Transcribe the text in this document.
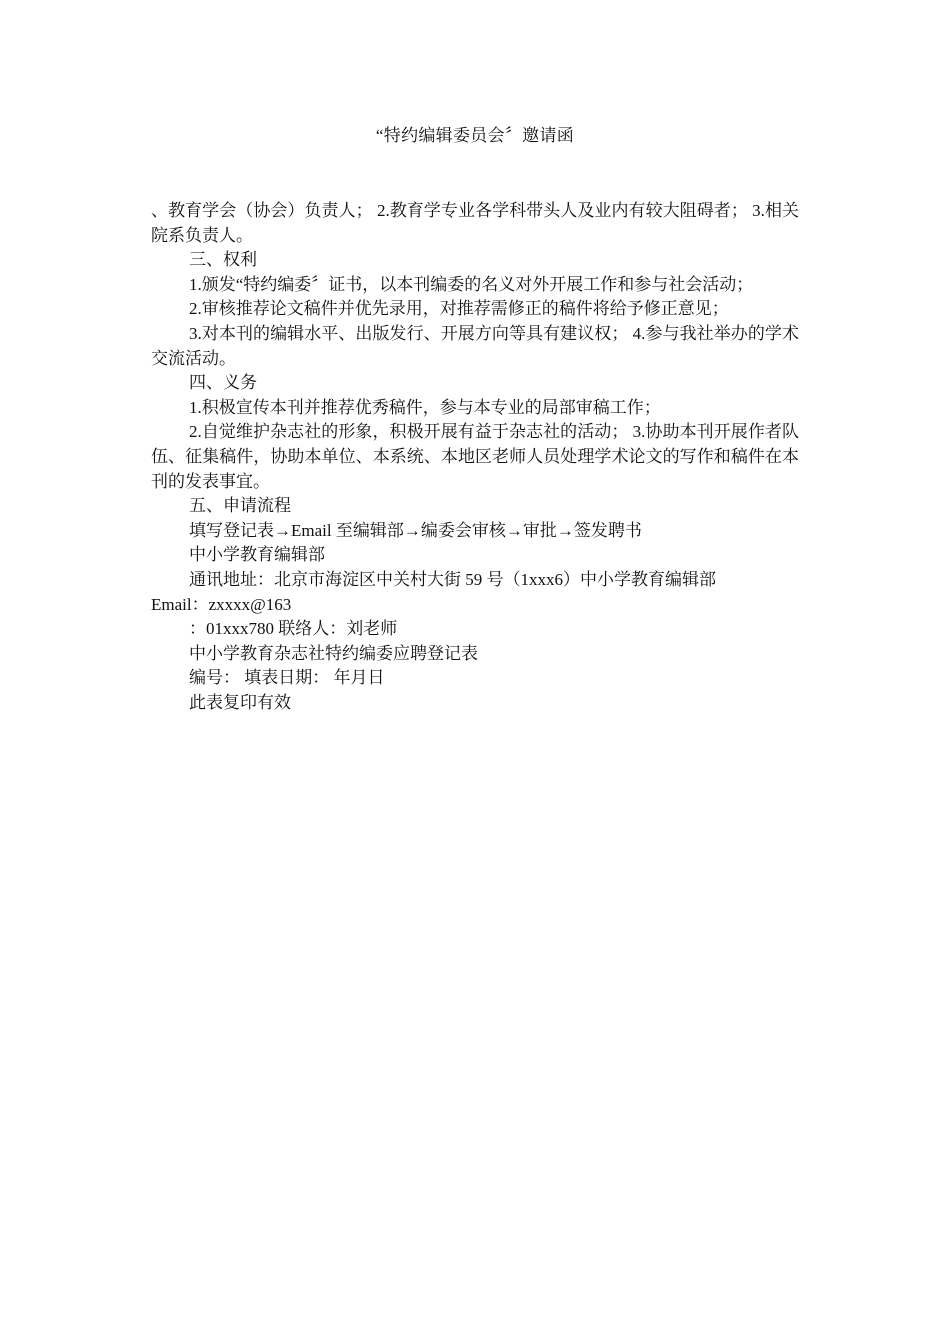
“特约编辑委员会〞邀请函

、教育学会（协会）负责人； 2.教育学专业各学科带头人及业内有较大阻碍者； 3.相关院系负责人。

三、权利

1.颁发“特约编委〞证书，以本刊编委的名义对外开展工作和参与社会活动；

2.审核推荐论文稿件并优先录用，对推荐需修正的稿件将给予修正意见；

3.对本刊的编辑水平、出版发行、开展方向等具有建议权； 4.参与我社举办的学术交流活动。

四、义务

1.积极宣传本刊并推荐优秀稿件，参与本专业的局部审稿工作；

2.自觉维护杂志社的形象，积极开展有益于杂志社的活动； 3.协助本刊开展作者队伍、征集稿件，协助本单位、本系统、本地区老师人员处理学术论文的写作和稿件在本刊的发表事宜。

五、申请流程

填写登记表→Email 至编辑部→编委会审核→审批→签发聘书

中小学教育编辑部

通讯地址：北京市海淀区中关村大街 59 号（1xxx6）中小学教育编辑部

Email：zxxxx@163

：01xxx780 联络人：刘老师

中小学教育杂志社特约编委应聘登记表

编号： 填表日期： 年月日

此表复印有效
